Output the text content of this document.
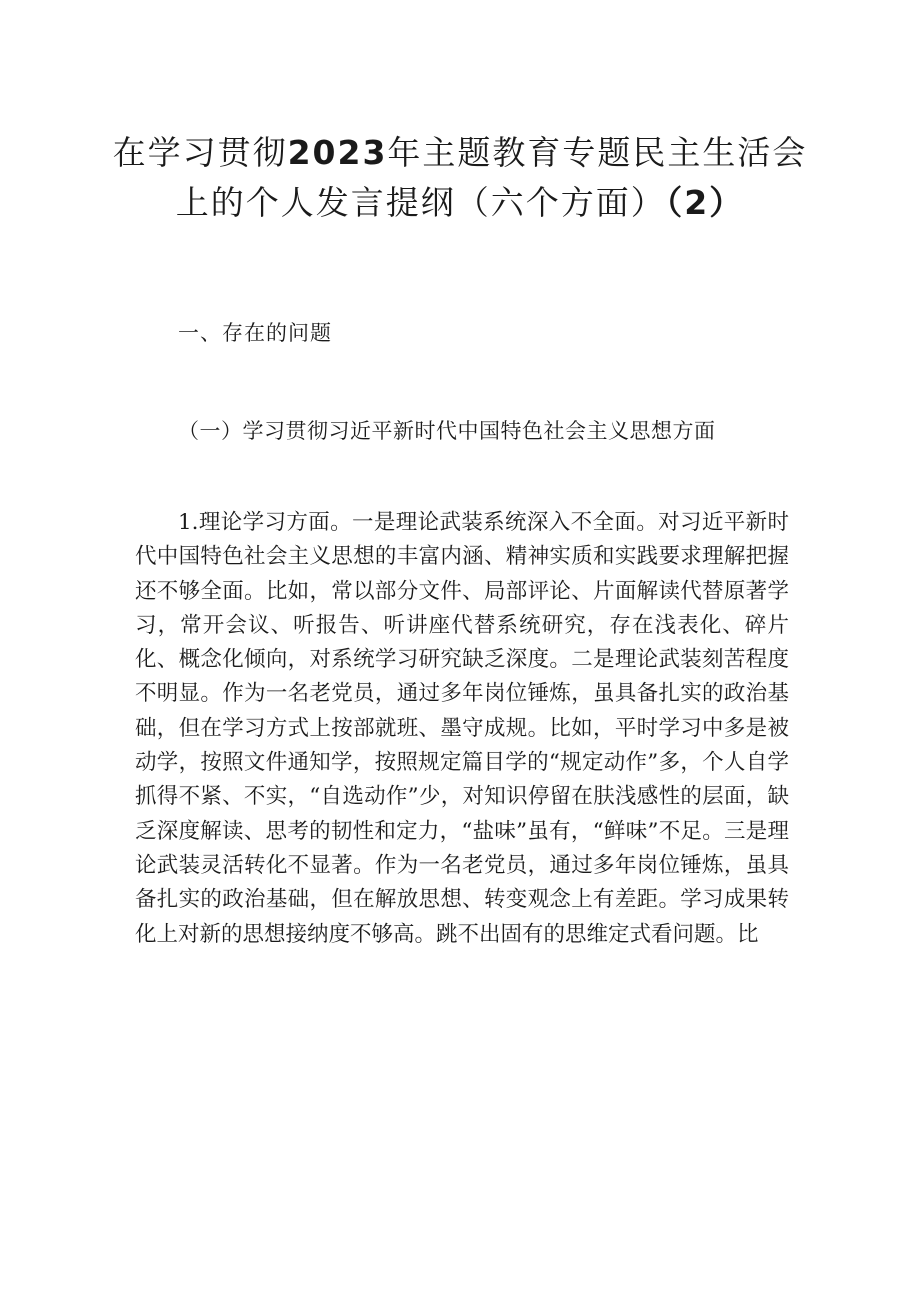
在学习贯彻2023年主题教育专题民主生活会上的个人发言提纲（六个方面）（2）
一、存在的问题
（一）学习贯彻习近平新时代中国特色社会主义思想方面

1.理论学习方面。一是理论武装系统深入不全面。对习近平新时代中国特色社会主义思想的丰富内涵、精神实质和实践要求理解把握还不够全面。比如，常以部分文件、局部评论、片面解读代替原著学习，常开会议、听报告、听讲座代替系统研究，存在浅表化、碎片化、概念化倾向，对系统学习研究缺乏深度。二是理论武装刻苦程度不明显。作为一名老党员，通过多年岗位锤炼，虽具备扎实的政治基础，但在学习方式上按部就班、墨守成规。比如，平时学习中多是被动学，按照文件通知学，按照规定篇目学的“规定动作”多，个人自学抓得不紧、不实，“自选动作”少，对知识停留在肤浅感性的层面，缺乏深度解读、思考的韧性和定力，“盐味”虽有，“鲜味”不足。三是理论武装灵活转化不显著。作为一名老党员，通过多年岗位锤炼，虽具备扎实的政治基础，但在解放思想、转变观念上有差距。学习成果转化上对新的思想接纳度不够高。跳不出固有的思维定式看问题。比
